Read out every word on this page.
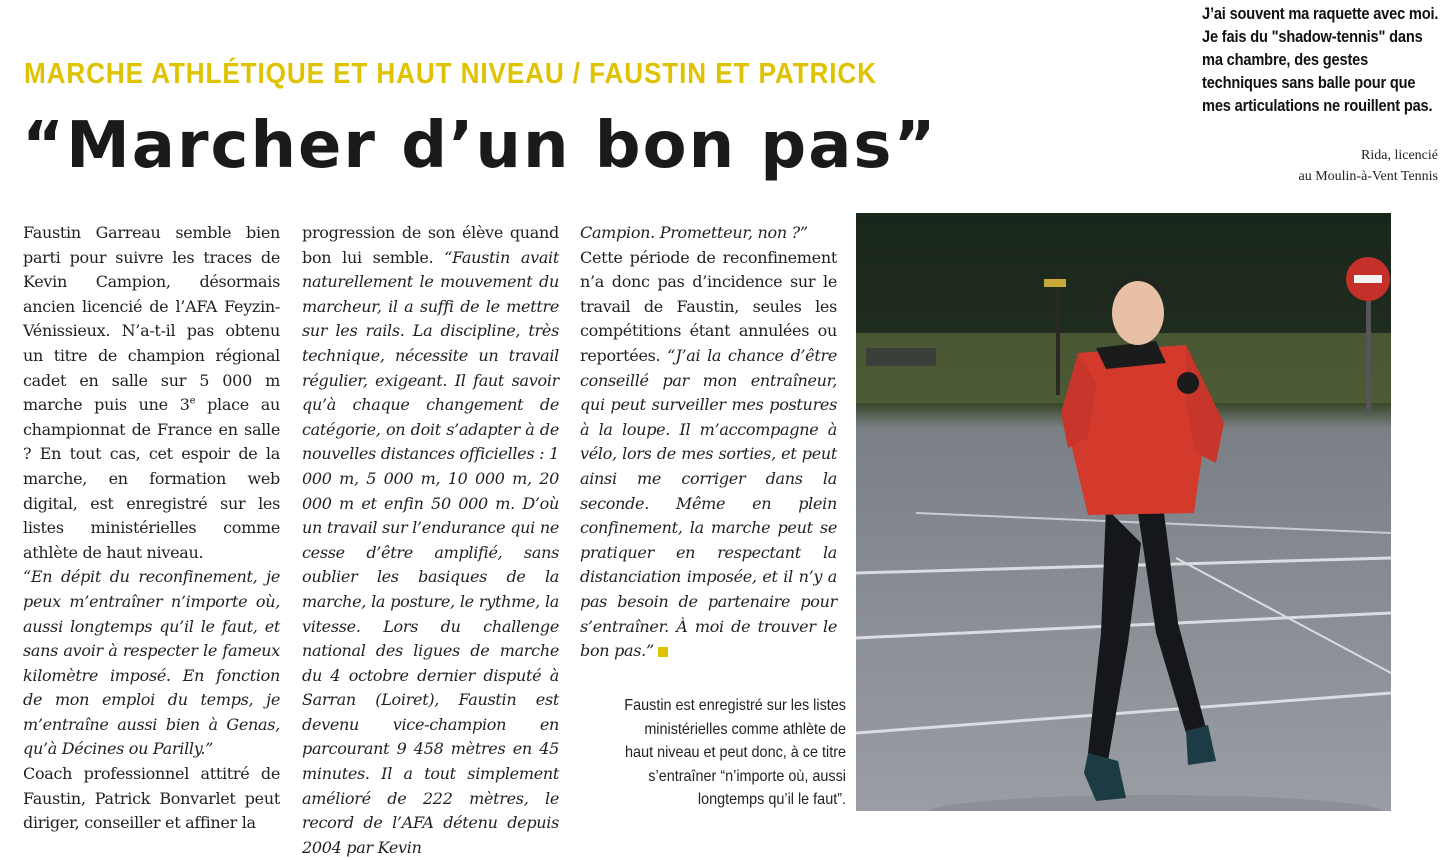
J’ai souvent ma raquette avec moi. Je fais du "shadow-tennis" dans ma chambre, des gestes techniques sans balle pour que mes articulations ne rouillent pas.
Rida, licencié
au Moulin-à-Vent Tennis
MARCHE ATHLÉTIQUE ET HAUT NIVEAU / FAUSTIN ET PATRICK
“Marcher d’un bon pas”

Faustin Garreau semble bien parti pour suivre les traces de Kevin Campion, désormais ancien licencié de l’AFA Feyzin-Vénissieux. N’a-t-il pas obtenu un titre de champion régional cadet en salle sur 5 000 m marche puis une 3e place au championnat de France en salle ? En tout cas, cet espoir de la marche, en formation web digital, est enregistré sur les listes ministérielles comme athlète de haut niveau.

“En dépit du reconfinement, je peux m’entraîner n’importe où, aussi longtemps qu’il le faut, et sans avoir à respecter le fameux kilomètre imposé. En fonction de mon emploi du temps, je m’entraîne aussi bien à Genas, qu’à Décines ou Parilly.”

Coach professionnel attitré de Faustin, Patrick Bonvarlet peut diriger, conseiller et affiner la

progression de son élève quand bon lui semble. “Faustin avait naturellement le mouvement du marcheur, il a suffi de le mettre sur les rails. La discipline, très technique, nécessite un travail régulier, exigeant. Il faut savoir qu’à chaque changement de catégorie, on doit s’adapter à de nouvelles distances officielles : 1 000 m, 5 000 m, 10 000 m, 20 000 m et enfin 50 000 m. D’où un travail sur l’endurance qui ne cesse d’être amplifié, sans oublier les basiques de la marche, la posture, le rythme, la vitesse. Lors du challenge national des ligues de marche du 4 octobre dernier disputé à Sarran (Loiret), Faustin est devenu vice-champion en parcourant 9 458 mètres en 45 minutes. Il a tout simplement amélioré de 222 mètres, le record de l’AFA détenu depuis 2004 par Kevin

Campion. Prometteur, non ?”

Cette période de reconfinement n’a donc pas d’incidence sur le travail de Faustin, seules les compétitions étant annulées ou reportées. “J’ai la chance d’être conseillé par mon entraîneur, qui peut surveiller mes postures à la loupe. Il m’accompagne à vélo, lors de mes sorties, et peut ainsi me corriger dans la seconde. Même en plein confinement, la marche peut se pratiquer en respectant la distanciation imposée, et il n’y a pas besoin de partenaire pour s’entraîner. À moi de trouver le bon pas.”

Faustin est enregistré sur les listes ministérielles comme athlète de haut niveau et peut donc, à ce titre s’entraîner “n’importe où, aussi longtemps qu’il le faut”.
